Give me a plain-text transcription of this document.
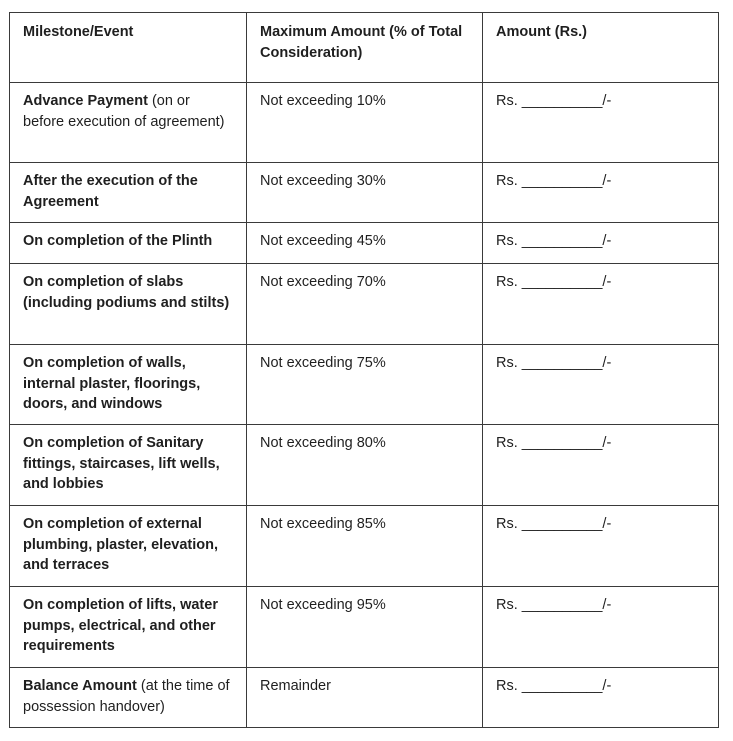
Milestone/Event	Maximum Amount (% of Total Consideration)	Amount (Rs.)
Advance Payment (on or before execution of agreement)	Not exceeding 10%	Rs. __________/-
After the execution of the Agreement	Not exceeding 30%	Rs. __________/-
On completion of the Plinth	Not exceeding 45%	Rs. __________/-
On completion of slabs (including podiums and stilts)	Not exceeding 70%	Rs. __________/-
On completion of walls, internal plaster, floorings, doors, and windows	Not exceeding 75%	Rs. __________/-
On completion of Sanitary fittings, staircases, lift wells, and lobbies	Not exceeding 80%	Rs. __________/-
On completion of external plumbing, plaster, elevation, and terraces	Not exceeding 85%	Rs. __________/-
On completion of lifts, water pumps, electrical, and other requirements	Not exceeding 95%	Rs. __________/-
Balance Amount (at the time of possession handover)	Remainder	Rs. __________/-
